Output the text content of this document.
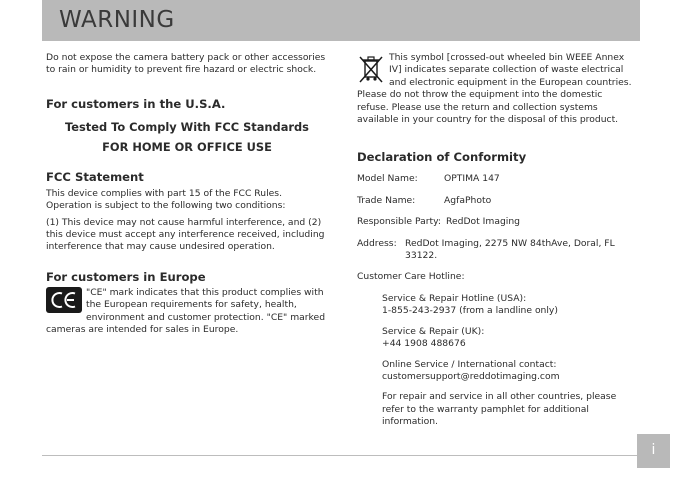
WARNING

Do not expose the camera battery pack or other accessories to rain or humidity to prevent fire hazard or electric shock.

For customers in the U.S.A.
Tested To Comply With FCC Standards
FOR HOME OR OFFICE USE
FCC Statement

This device complies with part 15 of the FCC Rules. Operation is subject to the following two conditions:

(1) This device may not cause harmful interference, and (2) this device must accept any interference received, including interference that may cause undesired operation.

For customers in Europe

"CE" mark indicates that this product complies with the European requirements for safety, health, environment and customer protection. "CE" marked cameras are intended for sales in Europe.

This symbol [crossed-out wheeled bin WEEE Annex IV] indicates separate collection of waste electrical and electronic equipment in the European countries. Please do not throw the equipment into the domestic refuse. Please use the return and collection systems available in your country for the disposal of this product.

Declaration of Conformity
Model Name:	OPTIMA 147
Trade Name:	AgfaPhoto
Responsible Party: RedDot Imaging
Address: RedDot Imaging, 2275 NW 84thAve, Doral, FL 33122.

Customer Care Hotline:

Service & Repair Hotline (USA):

1-855-243-2937 (from a landline only)

Service & Repair (UK):

+44 1908 488676

Online Service / International contact:

customersupport@reddotimaging.com

For repair and service in all other countries, please refer to the warranty pamphlet for additional information.

i
